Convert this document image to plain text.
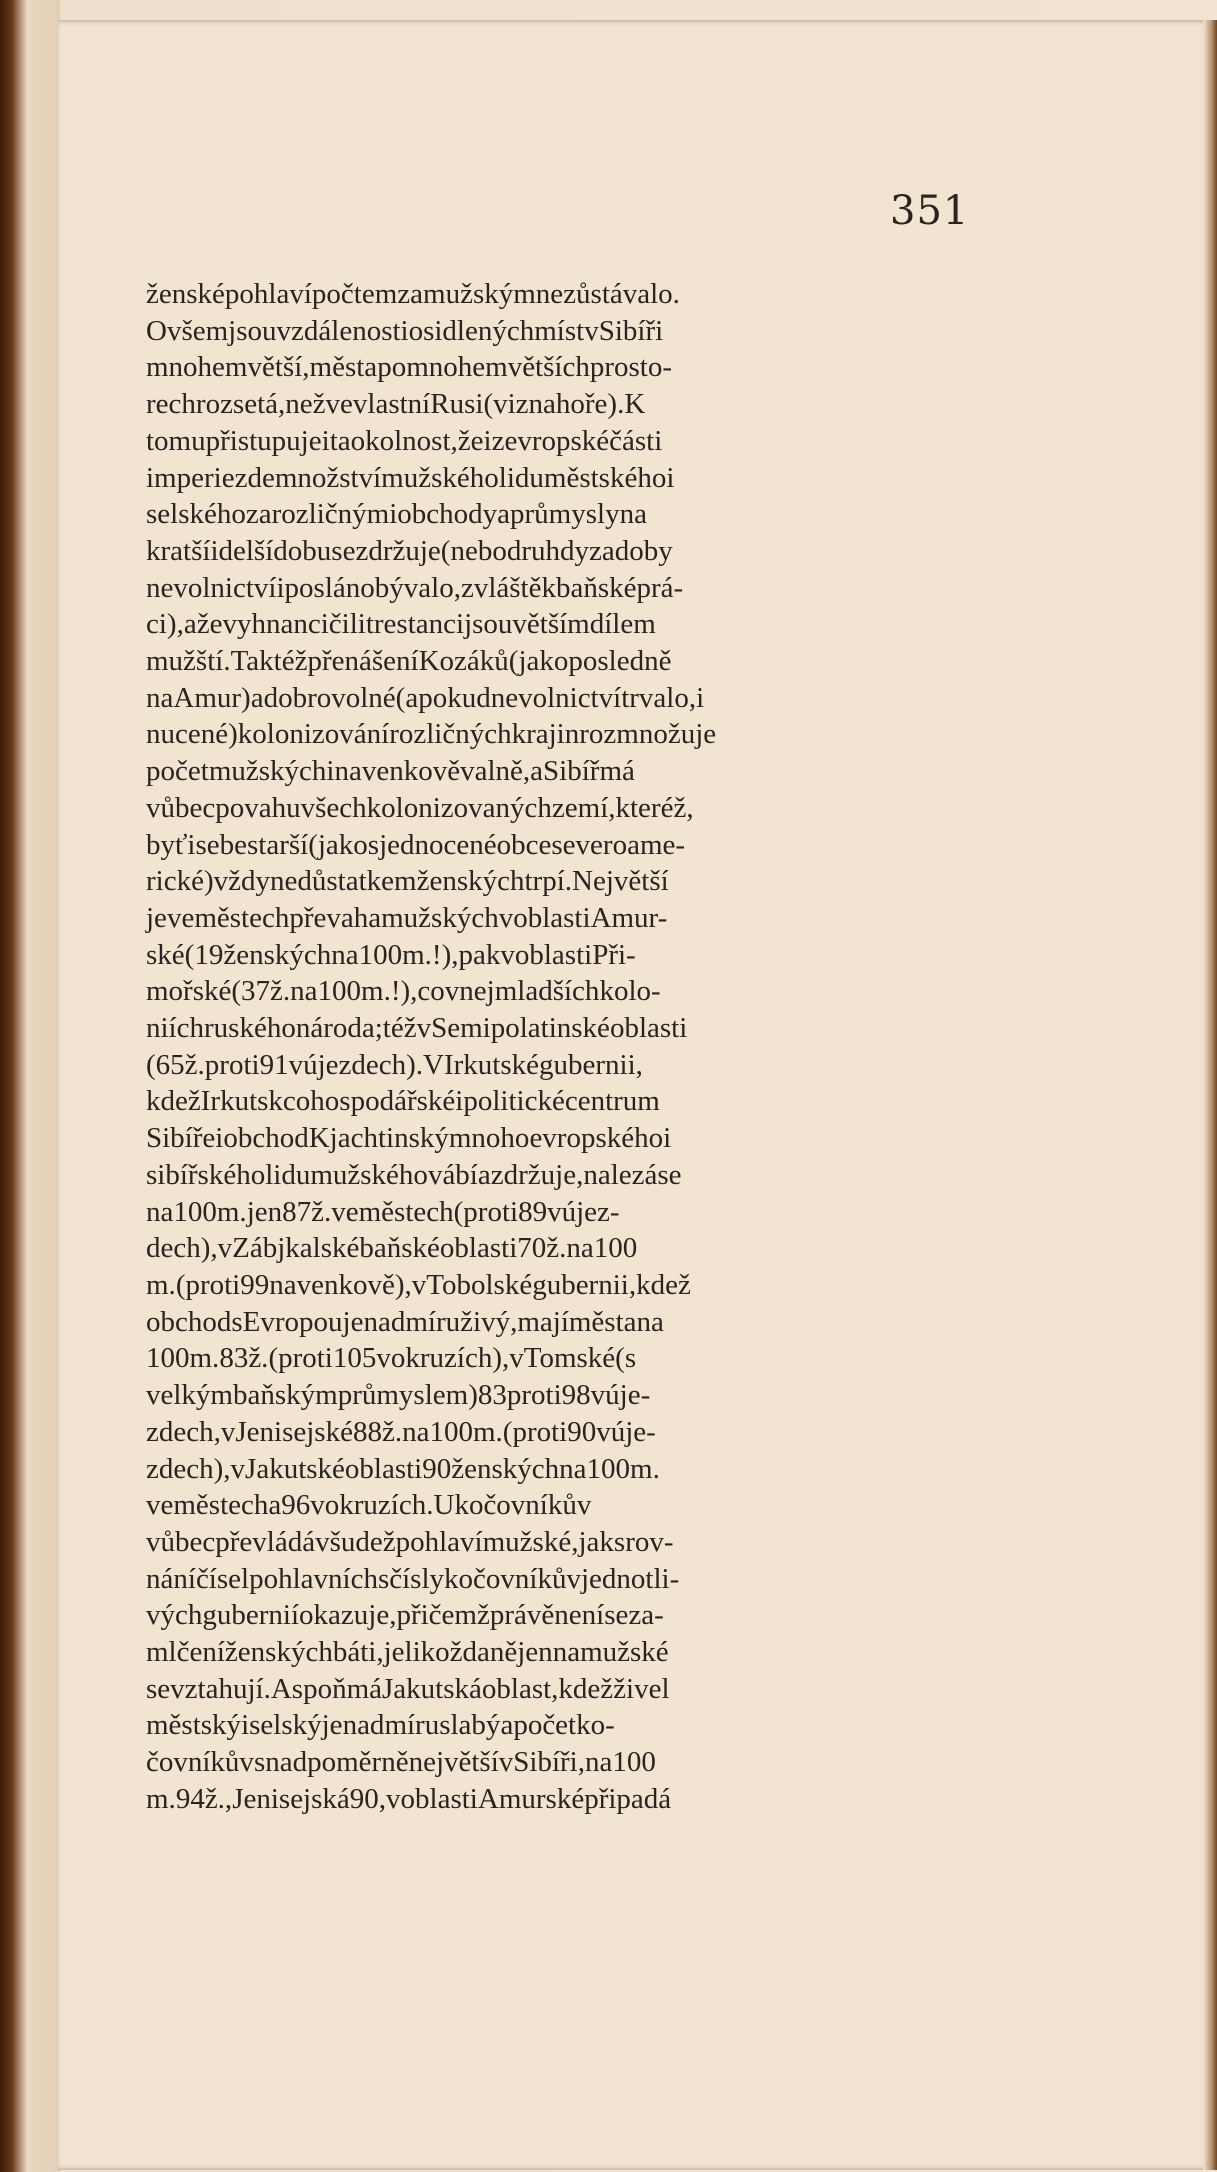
351
žensképohlavípočtemzamužskýmnezůstávalo.
OvšemjsouvzdálenostiosidlenýchmístvSibíři
mnohemvětší,městapomnohemvětšíchprosto-
rechrozsetá,nežvevlastníRusi(viznahoře).K
tomupřistupujeitaokolnost,žeizevropskéčásti
imperiezdemnožstvímužskéholiduměstskéhoi
selskéhozarozličnýmiobchodyaprůmyslyna
kratšíidelšídobusezdržuje(nebodruhdyzadoby
nevolnictvíiposlánobývalo,zvláštěkbaňsképrá-
ci),aževyhnancičilitrestancijsouvětšímdílem
mužští.TaktéžpřenášeníKozáků(jakoposledně
naAmur)adobrovolné(apokudnevolnictvítrvalo,i
nucené)kolonizovánírozličnýchkrajinrozmnožuje
početmužskýchinavenkověvalně,aSibířmá
vůbecpovahuvšechkolonizovanýchzemí,kteréž,
byťisebestarší(jakosjednocenéobceseveroame-
rické)vždynedůstatkemženskýchtrpí.Největší
jeveměstechpřevahamužskýchvoblastiAmur-
ské(19ženskýchna100m.!),pakvoblastiPři-
mořské(37ž.na100m.!),covnejmladšíchkolo-
niíchruskéhonároda;téžvSemipolatinskéoblasti
(65ž.proti91vújezdech).VIrkutskégubernii,
kdežIrkutskcohospodářskéipolitickécentrum
SibířeiobchodKjachtinskýmnohoevropskéhoi
sibířskéholidumužskéhovábíazdržuje,nalezáse
na100m.jen87ž.veměstech(proti89vújez-
dech),vZábjkalskébaňskéoblasti70ž.na100
m.(proti99navenkově),vTobolskégubernii,kdež
obchodsEvropoujenadmíruživý,majíměstana
100m.83ž.(proti105vokruzích),vTomské(s
velkýmbaňskýmprůmyslem)83proti98vúje-
zdech,vJenisejské88ž.na100m.(proti90vúje-
zdech),vJakutskéoblasti90ženskýchna100m.
veměstecha96vokruzích.Ukočovníkův
vůbecpřevládávšudežpohlavímužské,jaksrov-
náníčíselpohlavníchsčíslykočovníkůvjednotli-
výchguberniíokazuje,přičemžprávěneníseza-
mlčeníženskýchbáti,jelikoždanějennamužské
sevztahují.AspoňmáJakutskáoblast,kdežživel
městskýiselskýjenadmíruslabýapočetko-
čovníkůvsnadpoměrněnejvětšívSibíři,na100
m.94ž.,Jenisejská90,voblastiAmursképřipadá
